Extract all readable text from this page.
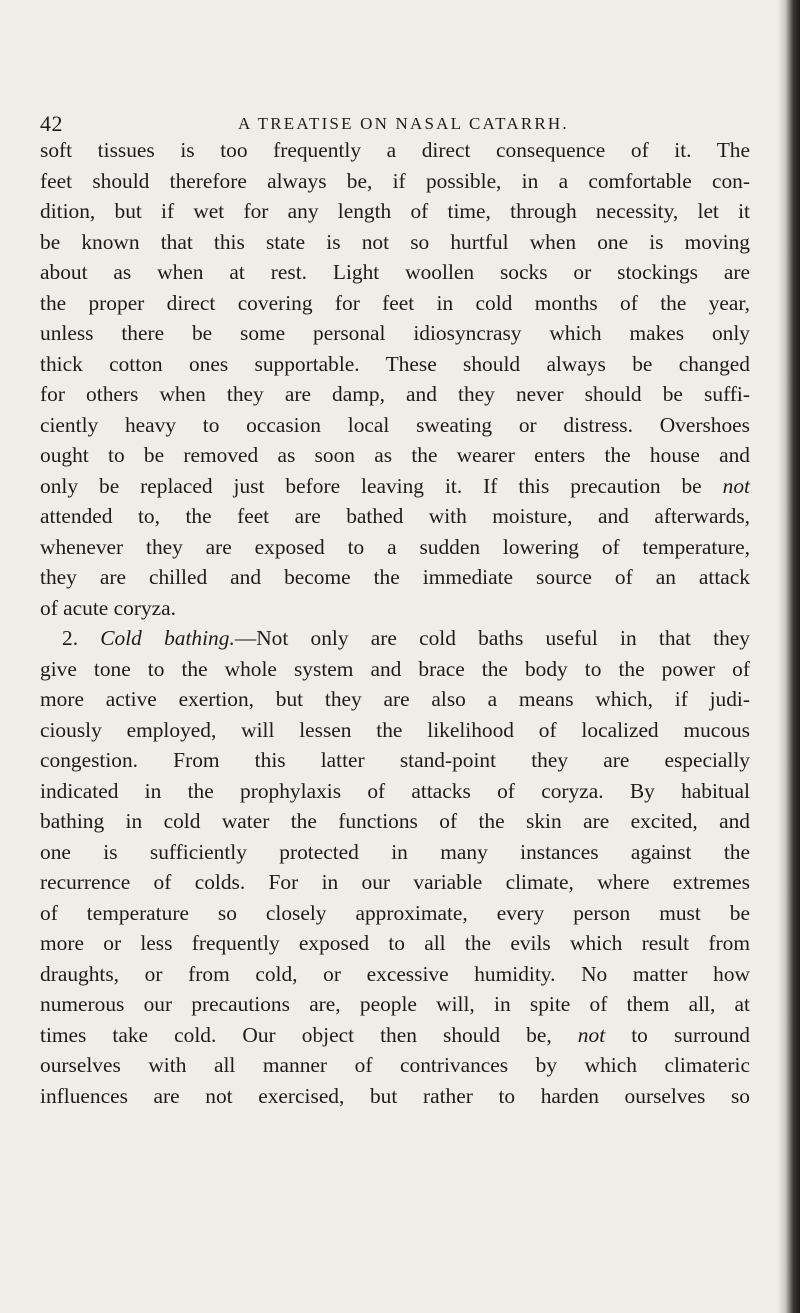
42	A TREATISE ON NASAL CATARRH.
soft tissues is too frequently a direct consequence of it. The
feet should therefore always be, if possible, in a comfortable con-
dition, but if wet for any length of time, through necessity, let it
be known that this state is not so hurtful when one is moving
about as when at rest. Light woollen socks or stockings are
the proper direct covering for feet in cold months of the year,
unless there be some personal idiosyncrasy which makes only
thick cotton ones supportable. These should always be changed
for others when they are damp, and they never should be suffi-
ciently heavy to occasion local sweating or distress. Overshoes
ought to be removed as soon as the wearer enters the house and
only be replaced just before leaving it. If this precaution be not
attended to, the feet are bathed with moisture, and afterwards,
whenever they are exposed to a sudden lowering of temperature,
they are chilled and become the immediate source of an attack
of acute coryza.
2. Cold bathing.—Not only are cold baths useful in that they
give tone to the whole system and brace the body to the power of
more active exertion, but they are also a means which, if judi-
ciously employed, will lessen the likelihood of localized mucous
congestion. From this latter stand-point they are especially
indicated in the prophylaxis of attacks of coryza. By habitual
bathing in cold water the functions of the skin are excited, and
one is sufficiently protected in many instances against the
recurrence of colds. For in our variable climate, where extremes
of temperature so closely approximate, every person must be
more or less frequently exposed to all the evils which result from
draughts, or from cold, or excessive humidity. No matter how
numerous our precautions are, people will, in spite of them all, at
times take cold. Our object then should be, not to surround
ourselves with all manner of contrivances by which climateric
influences are not exercised, but rather to harden ourselves so
